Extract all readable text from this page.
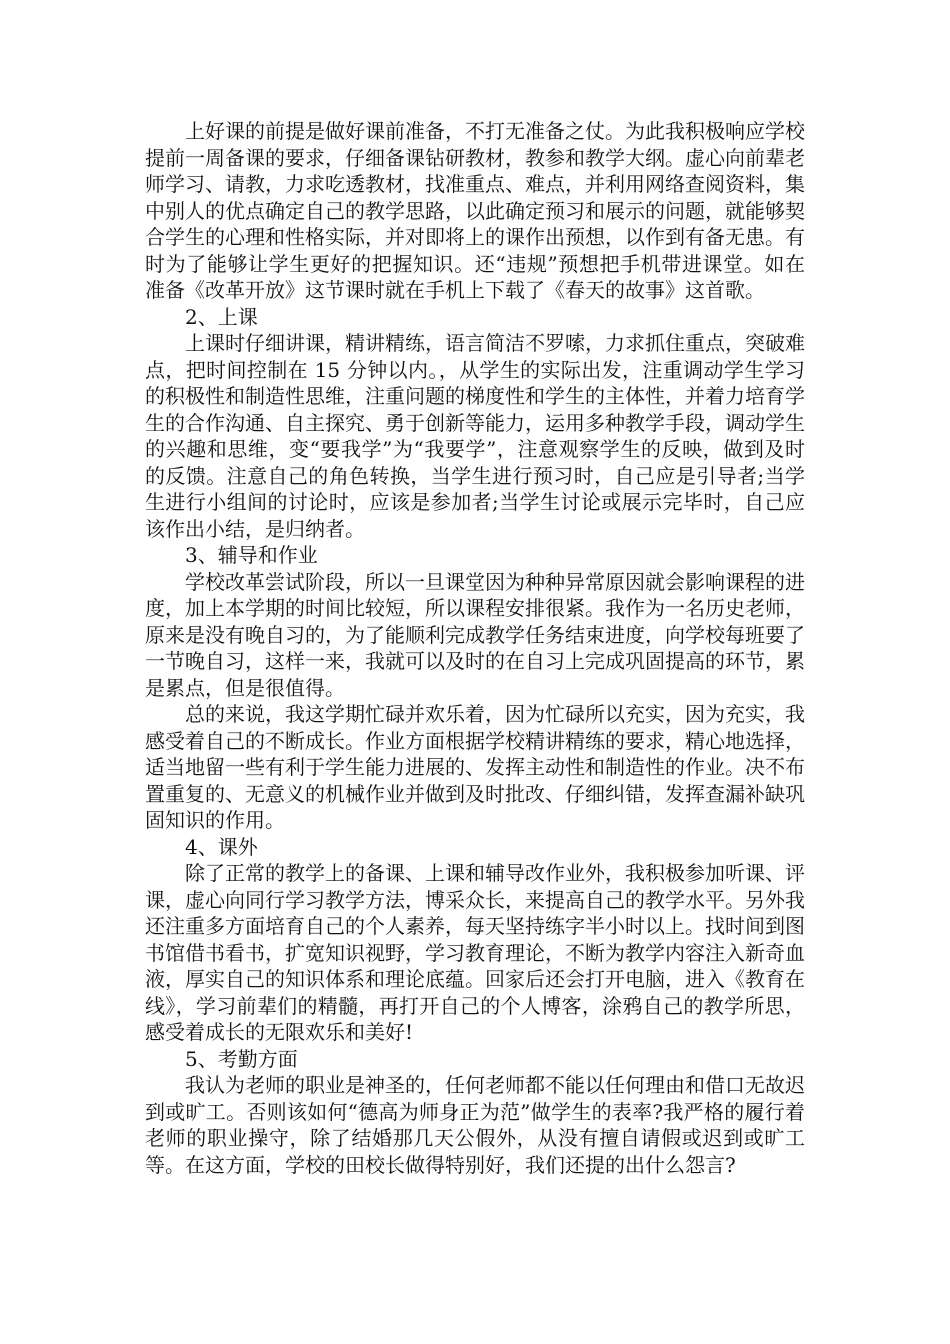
上好课的前提是做好课前准备，不打无准备之仗。为此我积极响应学校提前一周备课的要求，仔细备课钻研教材，教参和教学大纲。虚心向前辈老师学习、请教，力求吃透教材，找准重点、难点，并利用网络查阅资料，集中别人的优点确定自己的教学思路，以此确定预习和展示的问题，就能够契合学生的心理和性格实际，并对即将上的课作出预想，以作到有备无患。有时为了能够让学生更好的把握知识。还“违规”预想把手机带进课堂。如在准备《改革开放》这节课时就在手机上下载了《春天的故事》这首歌。

2、上课

上课时仔细讲课，精讲精练，语言简洁不罗嗦，力求抓住重点，突破难点，把时间控制在 15 分钟以内。，从学生的实际出发，注重调动学生学习的积极性和制造性思维，注重问题的梯度性和学生的主体性，并着力培育学生的合作沟通、自主探究、勇于创新等能力，运用多种教学手段，调动学生的兴趣和思维，变“要我学”为“我要学”，注意观察学生的反映，做到及时的反馈。注意自己的角色转换，当学生进行预习时，自己应是引导者;当学生进行小组间的讨论时，应该是参加者;当学生讨论或展示完毕时，自己应该作出小结，是归纳者。

3、辅导和作业

学校改革尝试阶段，所以一旦课堂因为种种异常原因就会影响课程的进度，加上本学期的时间比较短，所以课程安排很紧。我作为一名历史老师，原来是没有晚自习的，为了能顺利完成教学任务结束进度，向学校每班要了一节晚自习，这样一来，我就可以及时的在自习上完成巩固提高的环节，累是累点，但是很值得。

总的来说，我这学期忙碌并欢乐着，因为忙碌所以充实，因为充实，我感受着自己的不断成长。作业方面根据学校精讲精练的要求，精心地选择，适当地留一些有利于学生能力进展的、发挥主动性和制造性的作业。决不布置重复的、无意义的机械作业并做到及时批改、仔细纠错，发挥查漏补缺巩固知识的作用。

4、课外

除了正常的教学上的备课、上课和辅导改作业外，我积极参加听课、评课，虚心向同行学习教学方法，博采众长，来提高自己的教学水平。另外我还注重多方面培育自己的个人素养，每天坚持练字半小时以上。找时间到图书馆借书看书，扩宽知识视野，学习教育理论，不断为教学内容注入新奇血液，厚实自己的知识体系和理论底蕴。回家后还会打开电脑，进入《教育在线》，学习前辈们的精髓，再打开自己的个人博客，涂鸦自己的教学所思，感受着成长的无限欢乐和美好!

5、考勤方面

我认为老师的职业是神圣的，任何老师都不能以任何理由和借口无故迟到或旷工。否则该如何“德高为师身正为范”做学生的表率?我严格的履行着老师的职业操守，除了结婚那几天公假外，从没有擅自请假或迟到或旷工等。在这方面，学校的田校长做得特别好，我们还提的出什么怨言?
